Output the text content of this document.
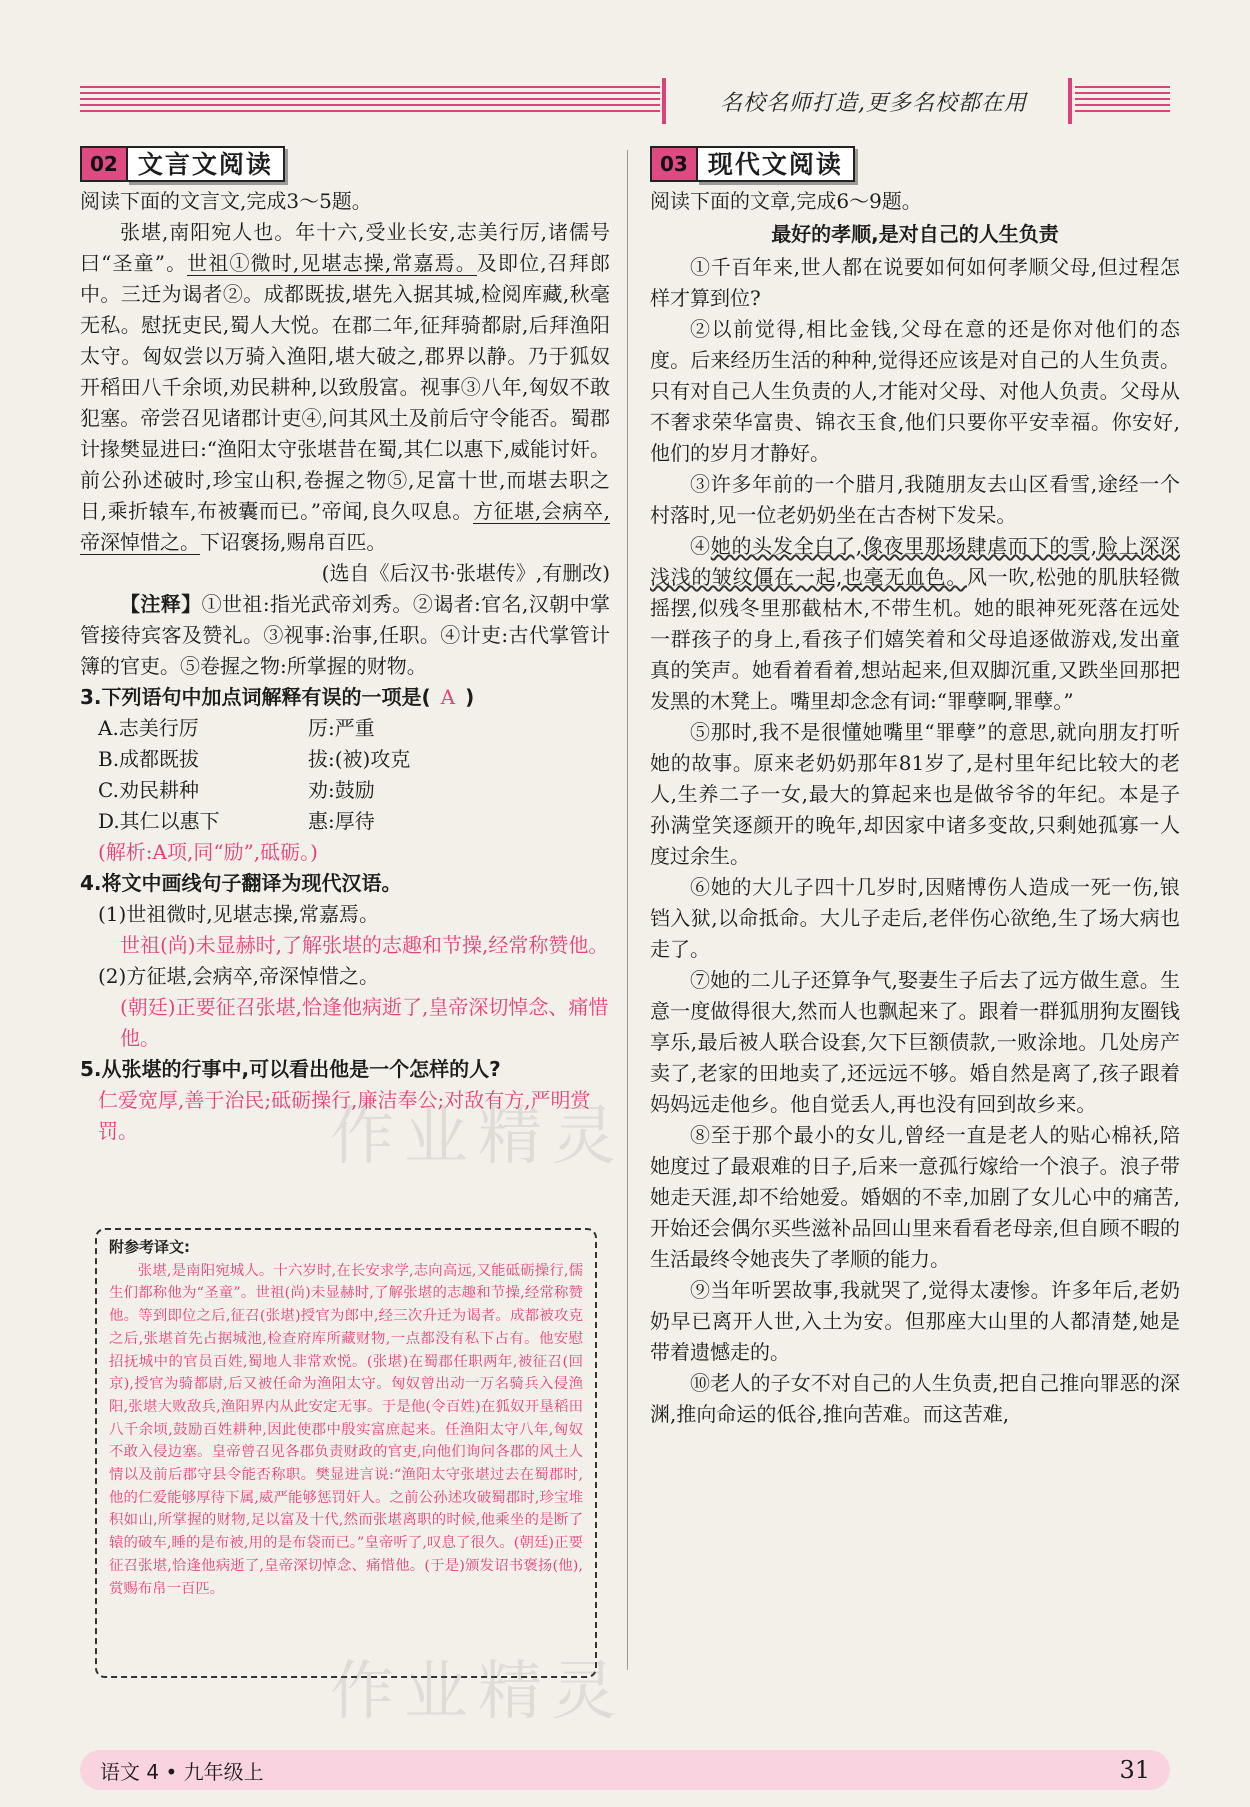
名校名师打造,更多名校都在用
02 文言文阅读

阅读下面的文言文,完成3～5题。

张堪,南阳宛人也。年十六,受业长安,志美行厉,诸儒号曰“圣童”。世祖①微时,见堪志操,常嘉焉。及即位,召拜郎中。三迁为谒者②。成都既拔,堪先入据其城,检阅库藏,秋毫无私。慰抚吏民,蜀人大悦。在郡二年,征拜骑都尉,后拜渔阳太守。匈奴尝以万骑入渔阳,堪大破之,郡界以静。乃于狐奴开稻田八千余顷,劝民耕种,以致殷富。视事③八年,匈奴不敢犯塞。帝尝召见诸郡计吏④,问其风土及前后守令能否。蜀郡计掾樊显进曰:“渔阳太守张堪昔在蜀,其仁以惠下,威能讨奸。前公孙述破时,珍宝山积,卷握之物⑤,足富十世,而堪去职之日,乘折辕车,布被囊而已。”帝闻,良久叹息。方征堪,会病卒,帝深悼惜之。下诏褒扬,赐帛百匹。

(选自《后汉书·张堪传》,有删改)

【注释】①世祖:指光武帝刘秀。②谒者:官名,汉朝中掌管接待宾客及赞礼。③视事:治事,任职。④计吏:古代掌管计簿的官吏。⑤卷握之物:所掌握的财物。

3.下列语句中加点词解释有误的一项是( A )

A.志美行厉	厉:严重
B.成都既拔	拔:(被)攻克
C.劝民耕种	劝:鼓励
D.其仁以惠下	惠:厚待

(解析:A项,同“励”,砥砺。)

4.将文中画线句子翻译为现代汉语。

(1)世祖微时,见堪志操,常嘉焉。

世祖(尚)未显赫时,了解张堪的志趣和节操,经常称赞他。

(2)方征堪,会病卒,帝深悼惜之。

(朝廷)正要征召张堪,恰逢他病逝了,皇帝深切悼念、痛惜他。

5.从张堪的行事中,可以看出他是一个怎样的人?

仁爱宽厚,善于治民;砥砺操行,廉洁奉公;对敌有方,严明赏罚。

附参考译文:

张堪,是南阳宛城人。十六岁时,在长安求学,志向高远,又能砥砺操行,儒生们都称他为“圣童”。世祖(尚)未显赫时,了解张堪的志趣和节操,经常称赞他。等到即位之后,征召(张堪)授官为郎中,经三次升迁为谒者。成都被攻克之后,张堪首先占据城池,检查府库所藏财物,一点都没有私下占有。他安慰招抚城中的官员百姓,蜀地人非常欢悦。(张堪)在蜀郡任职两年,被征召(回京),授官为骑都尉,后又被任命为渔阳太守。匈奴曾出动一万名骑兵入侵渔阳,张堪大败敌兵,渔阳界内从此安定无事。于是他(令百姓)在狐奴开垦稻田八千余顷,鼓励百姓耕种,因此使郡中殷实富庶起来。任渔阳太守八年,匈奴不敢入侵边塞。皇帝曾召见各郡负责财政的官吏,向他们询问各郡的风土人情以及前后郡守县令能否称职。樊显进言说:“渔阳太守张堪过去在蜀郡时,他的仁爱能够厚待下属,威严能够惩罚奸人。之前公孙述攻破蜀郡时,珍宝堆积如山,所掌握的财物,足以富及十代,然而张堪离职的时候,他乘坐的是断了辕的破车,睡的是布被,用的是布袋而已。”皇帝听了,叹息了很久。(朝廷)正要征召张堪,恰逢他病逝了,皇帝深切悼念、痛惜他。(于是)颁发诏书褒扬(他),赏赐布帛一百匹。

03 现代文阅读

阅读下面的文章,完成6～9题。

最好的孝顺,是对自己的人生负责

①千百年来,世人都在说要如何如何孝顺父母,但过程怎样才算到位?

②以前觉得,相比金钱,父母在意的还是你对他们的态度。后来经历生活的种种,觉得还应该是对自己的人生负责。只有对自己人生负责的人,才能对父母、对他人负责。父母从不奢求荣华富贵、锦衣玉食,他们只要你平安幸福。你安好,他们的岁月才静好。

③许多年前的一个腊月,我随朋友去山区看雪,途经一个村落时,见一位老奶奶坐在古杏树下发呆。

④她的头发全白了,像夜里那场肆虐而下的雪,脸上深深浅浅的皱纹僵在一起,也毫无血色。风一吹,松弛的肌肤轻微摇摆,似残冬里那截枯木,不带生机。她的眼神死死落在远处一群孩子的身上,看孩子们嬉笑着和父母追逐做游戏,发出童真的笑声。她看着看着,想站起来,但双脚沉重,又跌坐回那把发黑的木凳上。嘴里却念念有词:“罪孽啊,罪孽。”

⑤那时,我不是很懂她嘴里“罪孽”的意思,就向朋友打听她的故事。原来老奶奶那年81岁了,是村里年纪比较大的老人,生养二子一女,最大的算起来也是做爷爷的年纪。本是子孙满堂笑逐颜开的晚年,却因家中诸多变故,只剩她孤寡一人度过余生。

⑥她的大儿子四十几岁时,因赌博伤人造成一死一伤,锒铛入狱,以命抵命。大儿子走后,老伴伤心欲绝,生了场大病也走了。

⑦她的二儿子还算争气,娶妻生子后去了远方做生意。生意一度做得很大,然而人也飘起来了。跟着一群狐朋狗友圈钱享乐,最后被人联合设套,欠下巨额债款,一败涂地。几处房产卖了,老家的田地卖了,还远远不够。婚自然是离了,孩子跟着妈妈远走他乡。他自觉丢人,再也没有回到故乡来。

⑧至于那个最小的女儿,曾经一直是老人的贴心棉袄,陪她度过了最艰难的日子,后来一意孤行嫁给一个浪子。浪子带她走天涯,却不给她爱。婚姻的不幸,加剧了女儿心中的痛苦,开始还会偶尔买些滋补品回山里来看看老母亲,但自顾不暇的生活最终令她丧失了孝顺的能力。

⑨当年听罢故事,我就哭了,觉得太凄惨。许多年后,老奶奶早已离开人世,入土为安。但那座大山里的人都清楚,她是带着遗憾走的。

⑩老人的子女不对自己的人生负责,把自己推向罪恶的深渊,推向命运的低谷,推向苦难。而这苦难,

作业精灵
作业精灵
语文 4 • 九年级上	31
